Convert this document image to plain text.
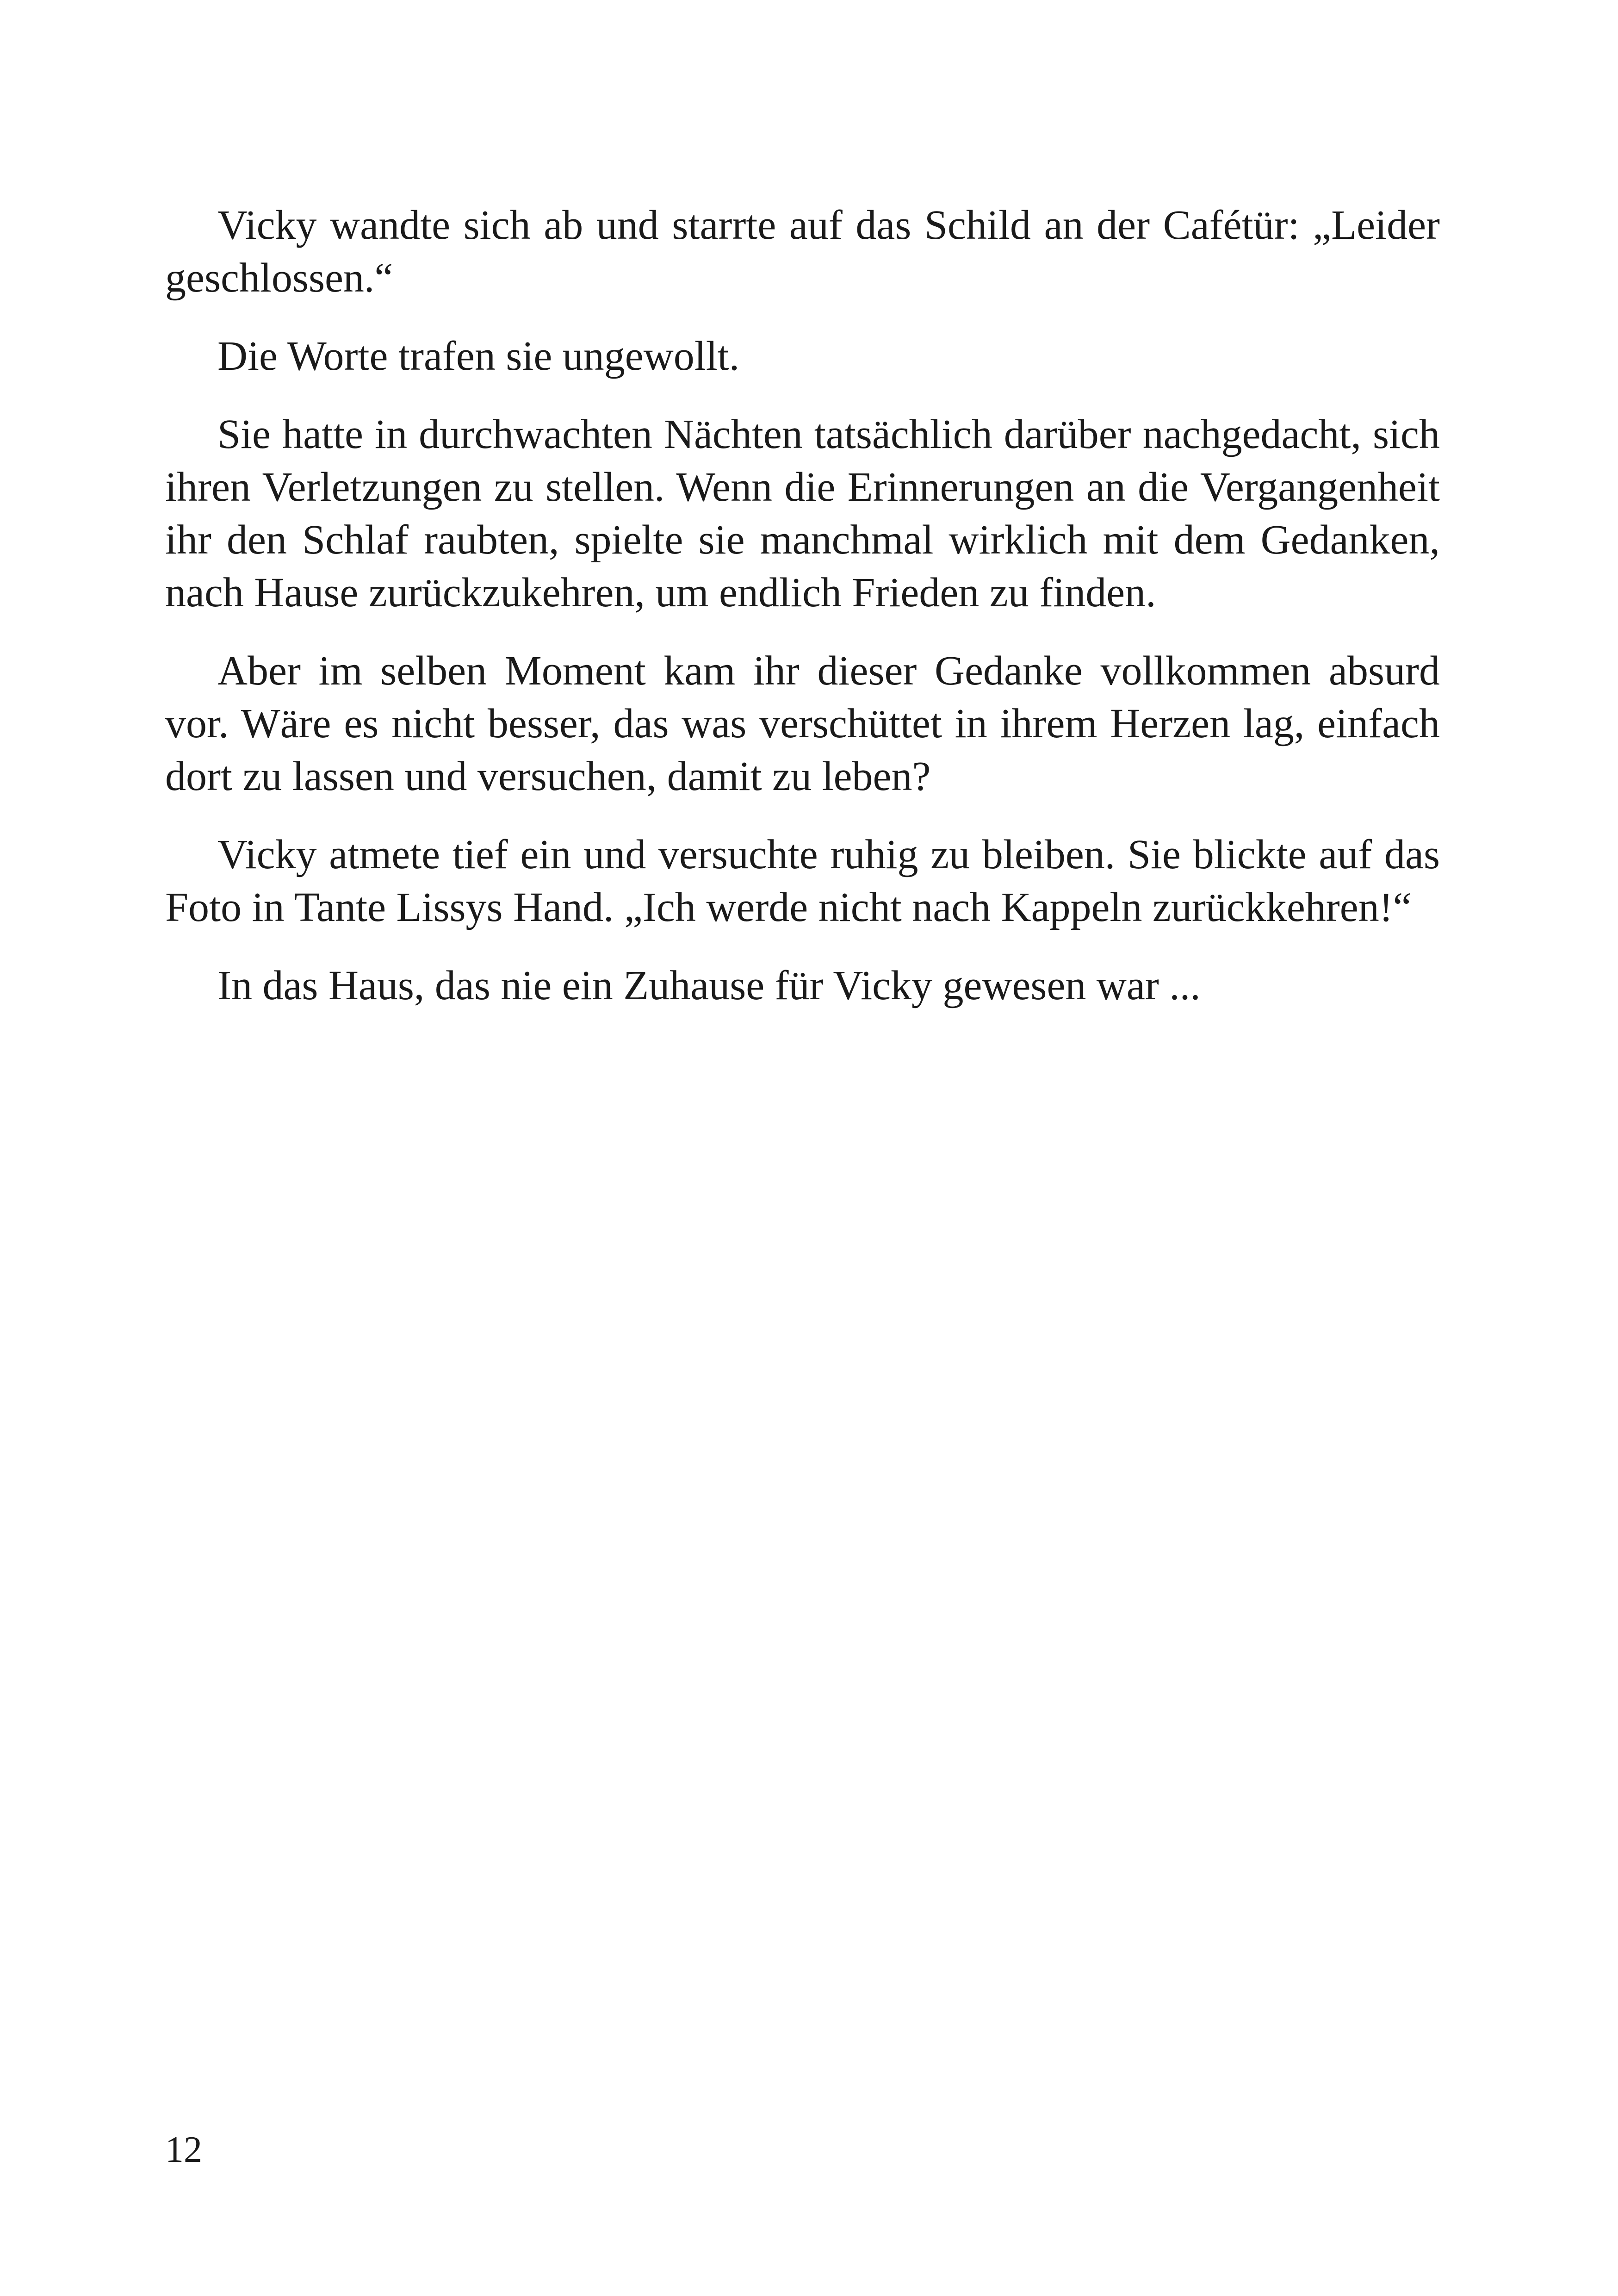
Vicky wandte sich ab und starrte auf das Schild an der Cafétür: „Leider geschlossen.“

Die Worte trafen sie ungewollt.

Sie hatte in durchwachten Nächten tatsächlich darüber nachgedacht, sich ihren Verletzungen zu stellen. Wenn die Erinnerungen an die Vergangenheit ihr den Schlaf raubten, spielte sie manchmal wirklich mit dem Gedanken, nach Hause zurückzukehren, um endlich Frieden zu finden.

Aber im selben Moment kam ihr dieser Gedanke vollkommen absurd vor. Wäre es nicht besser, das was verschüttet in ihrem Herzen lag, einfach dort zu lassen und versuchen, damit zu leben?

Vicky atmete tief ein und versuchte ruhig zu bleiben. Sie blickte auf das Foto in Tante Lissys Hand. „Ich werde nicht nach Kappeln zurückkehren!“

In das Haus, das nie ein Zuhause für Vicky gewesen war ...

12
